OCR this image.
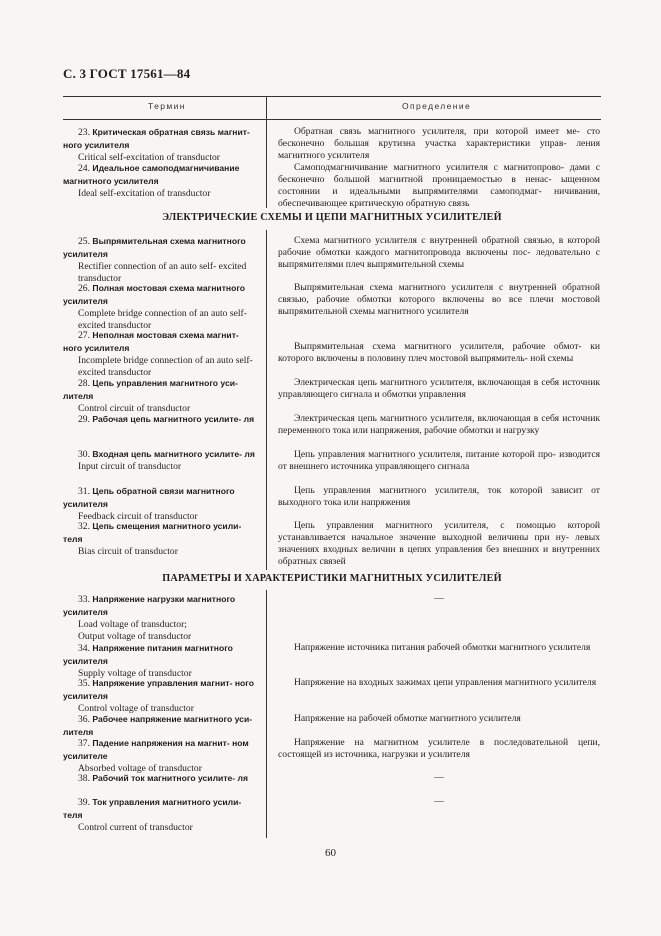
С. 3 ГОСТ 17561—84
Термин	Определение
23. Критическая обратная связь магнит- ного усилителя
Critical self-excitation of transductor
Обратная связь магнитного усилителя, при которой имеет ме- сто бесконечно большая крутизна участка характеристики управ- ления магнитного усилителя
24. Идеальное самоподмагничивание магнитного усилителя
Ideal self-excitation of transductor
Самоподмагничивание магнитного усилителя с магнитопрово- дами с бесконечно большой магнитной проницаемостью в ненас- ыщенном состоянии и идеальными выпрямителями самоподмаг- ничивания, обеспечивающее критическую обратную связь
ЭЛЕКТРИЧЕСКИЕ СХЕМЫ И ЦЕПИ МАГНИТНЫХ УСИЛИТЕЛЕЙ
25. Выпрямительная схема магнитного усилителя
Rectifier connection of an auto self- excited transductor
Схема магнитного усилителя с внутренней обратной связью, в которой рабочие обмотки каждого магнитопровода включены пос- ледовательно с выпрямителями плеч выпрямительной схемы
26. Полная мостовая схема магнитного усилителя
Complete bridge connection of an auto self-excited transductor
Выпрямительная схема магнитного усилителя с внутренней обратной связью, рабочие обмотки которого включены во все плечи мостовой выпрямительной схемы магнитного усилителя
27. Неполная мостовая схема магнит- ного усилителя
Incomplete bridge connection of an auto self-excited transductor
Выпрямительная схема магнитного усилителя, рабочие обмот- ки которого включены в половину плеч мостовой выпрямитель- ной схемы
28. Цепь управления магнитного уси- лителя
Control circuit of transductor
Электрическая цепь магнитного усилителя, включающая в себя источник управляющего сигнала и обмотки управления
29. Рабочая цепь магнитного усилите- ля	Электрическая цепь магнитного усилителя, включающая в себя источник переменного тока или напряжения, рабочие обмотки и нагрузку
30. Входная цепь магнитного усилите- ля
Input circuit of transductor
Цепь управления магнитного усилителя, питание которой про- изводится от внешнего источника управляющего сигнала
31. Цепь обратной связи магнитного усилителя
Feedback circuit of transductor
Цепь управления магнитного усилителя, ток которой зависит от выходного тока или напряжения
32. Цепь смещения магнитного усили- теля
Bias circuit of transductor
Цепь управления магнитного усилителя, с помощью которой устанавливается начальное значение выходной величины при ну- левых значениях входных величин в цепях управления без внешних и внутренних обратных связей
ПАРАМЕТРЫ И ХАРАКТЕРИСТИКИ МАГНИТНЫХ УСИЛИТЕЛЕЙ
33. Напряжение нагрузки магнитного усилителя
Load voltage of transductor;
Output voltage of transductor
—
34. Напряжение питания магнитного усилителя
Supply voltage of transductor
Напряжение источника питания рабочей обмотки магнитного усилителя
35. Напряжение управления магнит- ного усилителя
Control voltage of transductor
Напряжение на входных зажимах цепи управления магнитного усилителя
36. Рабочее напряжение магнитного уси- лителя
Напряжение на рабочей обмотке магнитного усилителя
37. Падение напряжения на магнит- ном усилителе
Absorbed voltage of transductor
Напряжение на магнитном усилителе в последовательной цепи, состоящей из источника, нагрузки и усилителя
38. Рабочий ток магнитного усилите- ля	—
39. Ток управления магнитного усили- теля
Control current of transductor
—
60
